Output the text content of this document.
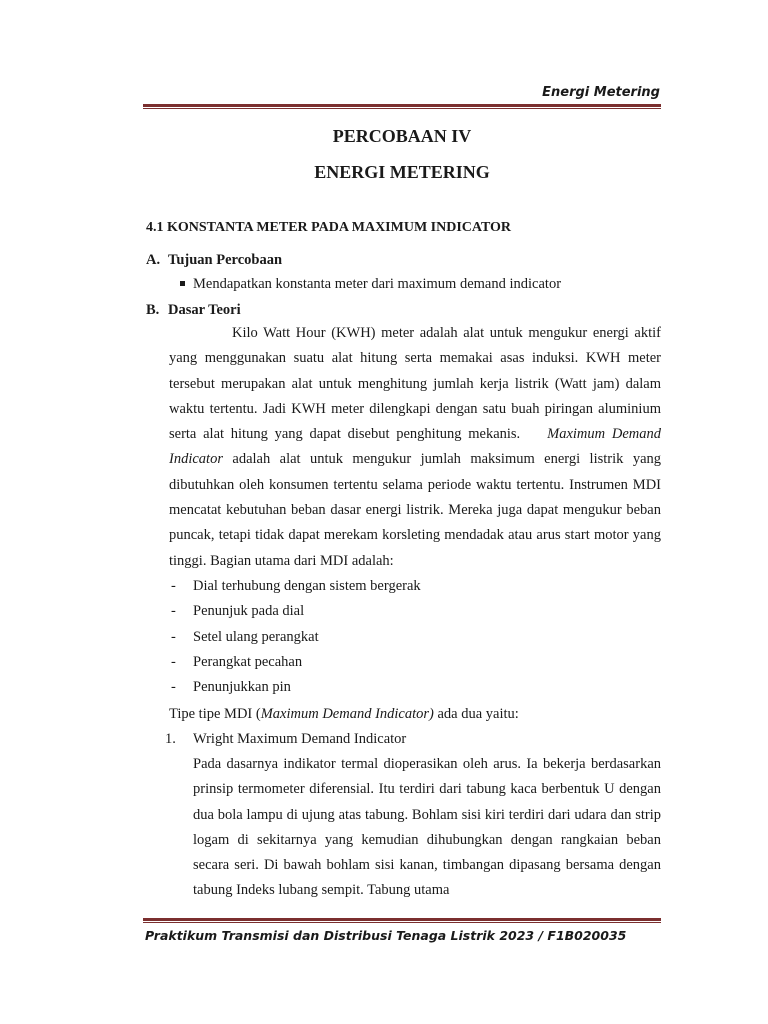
Energi Metering
PERCOBAAN IV
ENERGI METERING
4.1 KONSTANTA METER PADA MAXIMUM INDICATOR
A. Tujuan Percobaan
Mendapatkan konstanta meter dari maximum demand indicator
B. Dasar Teori
Kilo Watt Hour (KWH) meter adalah alat untuk mengukur energi aktif yang menggunakan suatu alat hitung serta memakai asas induksi. KWH meter tersebut merupakan alat untuk menghitung jumlah kerja listrik (Watt jam) dalam waktu tertentu. Jadi KWH meter dilengkapi dengan satu buah piringan aluminium serta alat hitung yang dapat disebut penghitung mekanis. Maximum Demand Indicator adalah alat untuk mengukur jumlah maksimum energi listrik yang dibutuhkan oleh konsumen tertentu selama periode waktu tertentu. Instrumen MDI mencatat kebutuhan beban dasar energi listrik. Mereka juga dapat mengukur beban puncak, tetapi tidak dapat merekam korsleting mendadak atau arus start motor yang tinggi. Bagian utama dari MDI adalah:
- Dial terhubung dengan sistem bergerak
- Penunjuk pada dial
- Setel ulang perangkat
- Perangkat pecahan
- Penunjukkan pin
Tipe tipe MDI (Maximum Demand Indicator) ada dua yaitu:
1. Wright Maximum Demand Indicator
Pada dasarnya indikator termal dioperasikan oleh arus. Ia bekerja berdasarkan prinsip termometer diferensial. Itu terdiri dari tabung kaca berbentuk U dengan dua bola lampu di ujung atas tabung. Bohlam sisi kiri terdiri dari udara dan strip logam di sekitarnya yang kemudian dihubungkan dengan rangkaian beban secara seri. Di bawah bohlam sisi kanan, timbangan dipasang bersama dengan tabung Indeks lubang sempit. Tabung utama
Praktikum Transmisi dan Distribusi Tenaga Listrik 2023 / F1B020035
